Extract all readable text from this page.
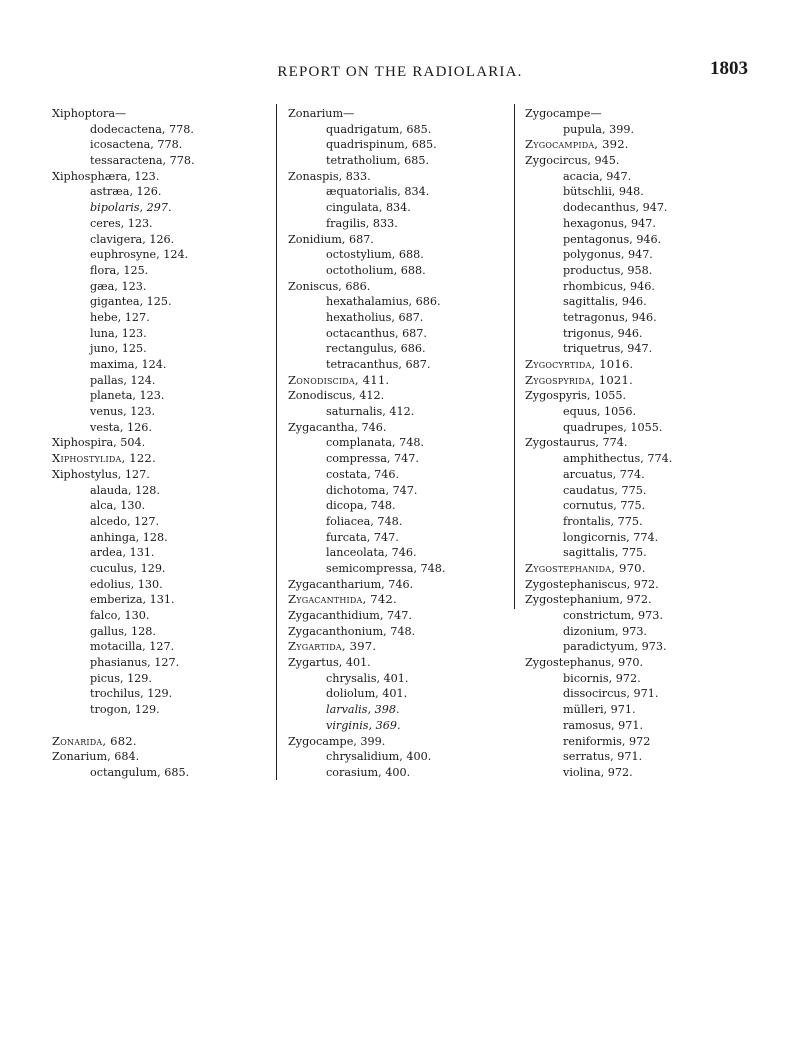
REPORT ON THE RADIOLARIA.	1803
Xiphoptora—
dodecactena, 778.
icosactena, 778.
tessaractena, 778.
Xiphosphæra, 123.
astræa, 126.
bipolaris, 297.
ceres, 123.
clavigera, 126.
euphrosyne, 124.
flora, 125.
gæa, 123.
gigantea, 125.
hebe, 127.
luna, 123.
juno, 125.
maxima, 124.
pallas, 124.
planeta, 123.
venus, 123.
vesta, 126.
Xiphospira, 504.
Xiphostylida, 122.
Xiphostylus, 127.
alauda, 128.
alca, 130.
alcedo, 127.
anhinga, 128.
ardea, 131.
cuculus, 129.
edolius, 130.
emberiza, 131.
falco, 130.
gallus, 128.
motacilla, 127.
phasianus, 127.
picus, 129.
trochilus, 129.
trogon, 129.
Zonarida, 682.
Zonarium, 684.
octangulum, 685.
Zonarium—
quadrigatum, 685.
quadrispinum, 685.
tetratholium, 685.
Zonaspis, 833.
æquatorialis, 834.
cingulata, 834.
fragilis, 833.
Zonidium, 687.
octostylium, 688.
octotholium, 688.
Zoniscus, 686.
hexathalamius, 686.
hexatholius, 687.
octacanthus, 687.
rectangulus, 686.
tetracanthus, 687.
Zonodiscida, 411.
Zonodiscus, 412.
saturnalis, 412.
Zygacantha, 746.
complanata, 748.
compressa, 747.
costata, 746.
dichotoma, 747.
dicopa, 748.
foliacea, 748.
furcata, 747.
lanceolata, 746.
semicompressa, 748.
Zygacantharium, 746.
Zygacanthida, 742.
Zygacanthidium, 747.
Zygacanthonium, 748.
Zygartida, 397.
Zygartus, 401.
chrysalis, 401.
doliolum, 401.
larvalis, 398.
virginis, 369.
Zygocampe, 399.
chrysalidium, 400.
corasium, 400.
Zygocampe—
pupula, 399.
Zygocampida, 392.
Zygocircus, 945.
acacia, 947.
bütschlii, 948.
dodecanthus, 947.
hexagonus, 947.
pentagonus, 946.
polygonus, 947.
productus, 958.
rhombicus, 946.
sagittalis, 946.
tetragonus, 946.
trigonus, 946.
triquetrus, 947.
Zygocyrtida, 1016.
Zygospyrida, 1021.
Zygospyris, 1055.
equus, 1056.
quadrupes, 1055.
Zygostaurus, 774.
amphithectus, 774.
arcuatus, 774.
caudatus, 775.
cornutus, 775.
frontalis, 775.
longicornis, 774.
sagittalis, 775.
Zygostephanida, 970.
Zygostephaniscus, 972.
Zygostephanium, 972.
constrictum, 973.
dizonium, 973.
paradictyum, 973.
Zygostephanus, 970.
bicornis, 972.
dissocircus, 971.
mülleri, 971.
ramosus, 971.
reniformis, 972
serratus, 971.
violina, 972.
